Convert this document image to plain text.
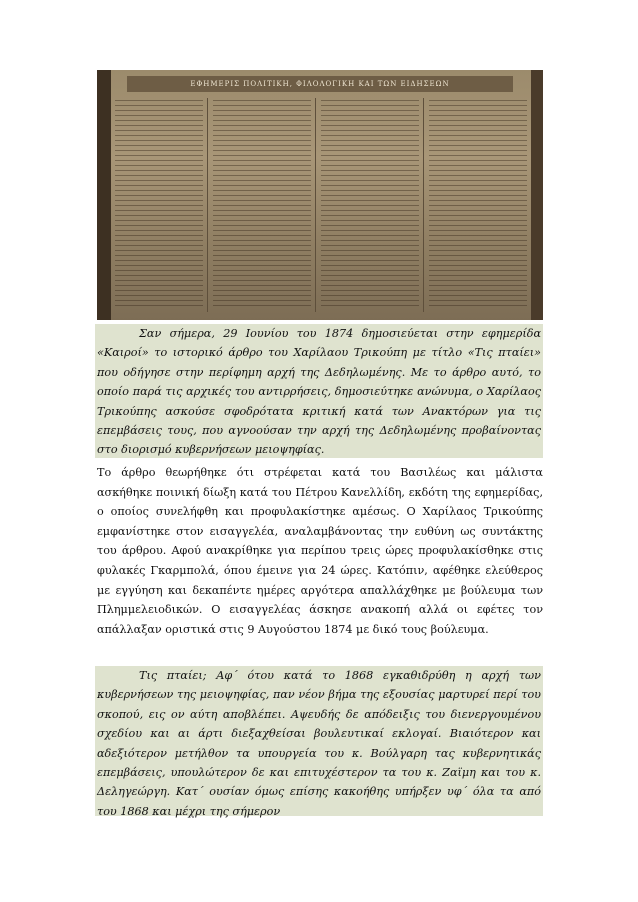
ΕΦΗΜΕΡΙΣ ΠΟΛΙΤΙΚΗ, ΦΙΛΟΛΟΓΙΚΗ ΚΑΙ ΤΩΝ ΕΙΔΗΣΕΩΝ

Σαν σήμερα, 29 Ιουνίου του 1874 δημοσιεύεται στην εφημερίδα «Καιροί» το ιστορικό άρθρο του Χαρίλαου Τρικούπη με τίτλο «Τις πταίει» που οδήγησε στην περίφημη αρχή της Δεδηλωμένης. Με το άρθρο αυτό, το οποίο παρά τις αρχικές του αντιρρήσεις, δημοσιεύτηκε ανώνυμα, ο Χαρίλαος Τρικούπης ασκούσε σφοδρότατα κριτική κατά των Ανακτόρων για τις επεμβάσεις τους, που αγνοούσαν την αρχή της Δεδηλωμένης προβαίνοντας στο διορισμό κυβερνήσεων μειοψηφίας.

Το άρθρο θεωρήθηκε ότι στρέφεται κατά του Βασιλέως και μάλιστα ασκήθηκε ποινική δίωξη κατά του Πέτρου Κανελλίδη, εκδότη της εφημερίδας, ο οποίος συνελήφθη και προφυλακίστηκε αμέσως. Ο Χαρίλαος Τρικούπης εμφανίστηκε στον εισαγγελέα, αναλαμβάνοντας την ευθύνη ως συντάκτης του άρθρου. Αφού ανακρίθηκε για περίπου τρεις ώρες προφυλακίσθηκε στις φυλακές Γκαρμπολά, όπου έμεινε για 24 ώρες. Κατόπιν, αφέθηκε ελεύθερος με εγγύηση και δεκαπέντε ημέρες αργότερα απαλλάχθηκε με βούλευμα των Πλημμελειοδικών. Ο εισαγγελέας άσκησε ανακοπή αλλά οι εφέτες τον απάλλαξαν οριστικά στις 9 Αυγούστου 1874 με δικό τους βούλευμα.

Τις πταίει; Αφ΄ ότου κατά το 1868 εγκαθιδρύθη η αρχή των κυβερνήσεων της μειοψηφίας, παν νέον βήμα της εξουσίας μαρτυρεί περί του σκοπού, εις ον αύτη αποβλέπει. Αψευδής δε απόδειξις του διενεργουμένου σχεδίου και αι άρτι διεξαχθείσαι βουλευτικαί εκλογαί. Βιαιότερον και αδεξιότερον μετήλθον τα υπουργεία του κ. Βούλγαρη τας κυβερνητικάς επεμβάσεις, υπουλώτερον δε και επιτυχέστερον τα του κ. Ζαϊμη και του κ. Δεληγεώργη. Κατ΄ ουσίαν όμως επίσης κακοήθης υπήρξεν υφ΄ όλα τα από του 1868 και μέχρι της σήμερον
